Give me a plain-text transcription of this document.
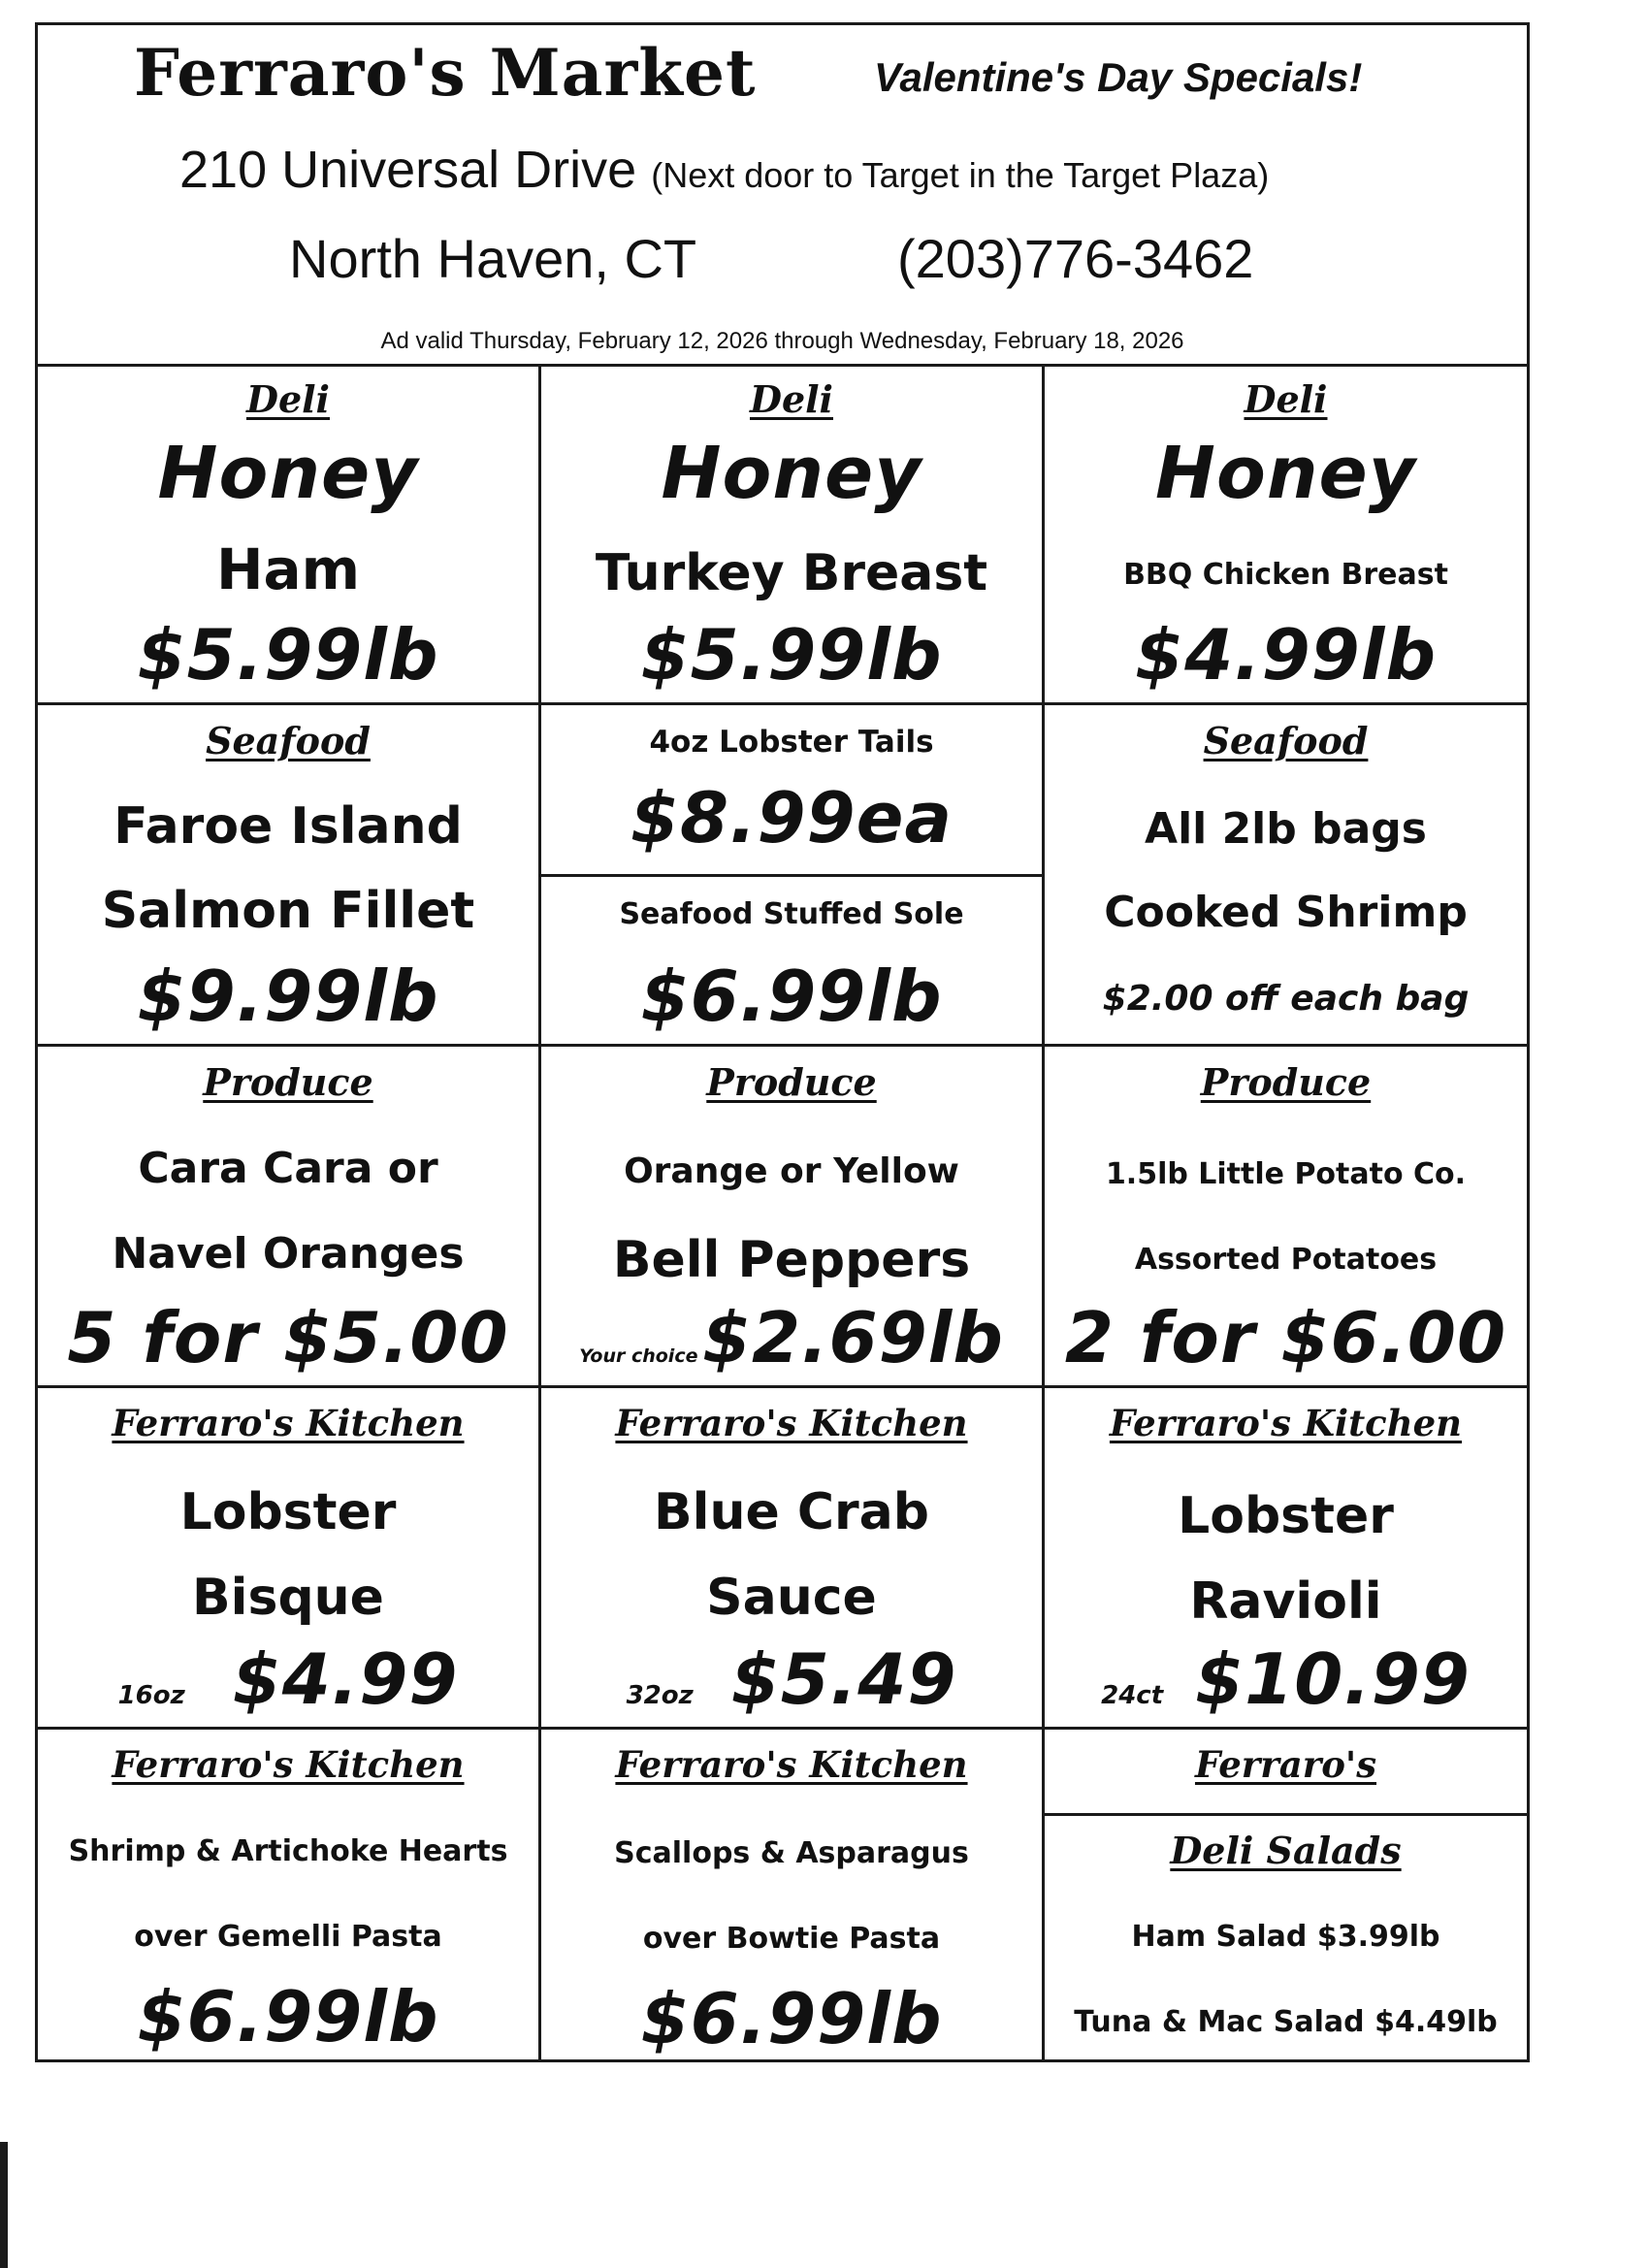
Ferraro's Market	Valentine's Day Specials!
210 Universal Drive (Next door to Target in the Target Plaza)
North Haven, CT	(203)776-3462
Ad valid Thursday, February 12, 2026 through Wednesday, February 18, 2026
Deli
Honey
Ham
$5.99lb
Deli
Honey
Turkey Breast
$5.99lb
Deli
Honey
BBQ Chicken Breast
$4.99lb
Seafood
Faroe Island
Salmon Fillet
$9.99lb
4oz Lobster Tails
$8.99ea
Seafood Stuffed Sole
$6.99lb
Seafood
All 2lb bags
Cooked Shrimp
$2.00 off each bag
Produce
Cara Cara or
Navel Oranges
5 for $5.00
Produce
Orange or Yellow
Bell Peppers
Your choice $2.69lb
Produce
1.5lb Little Potato Co.
Assorted Potatoes
2 for $6.00
Ferraro's Kitchen
Lobster
Bisque
16oz $4.99
Ferraro's Kitchen
Blue Crab
Sauce
32oz $5.49
Ferraro's Kitchen
Lobster
Ravioli
24ct $10.99
Ferraro's Kitchen
Shrimp & Artichoke Hearts
over Gemelli Pasta
$6.99lb
Ferraro's Kitchen
Scallops & Asparagus
over Bowtie Pasta
$6.99lb
Ferraro's
Deli Salads
Ham Salad $3.99lb
Tuna & Mac Salad $4.49lb
